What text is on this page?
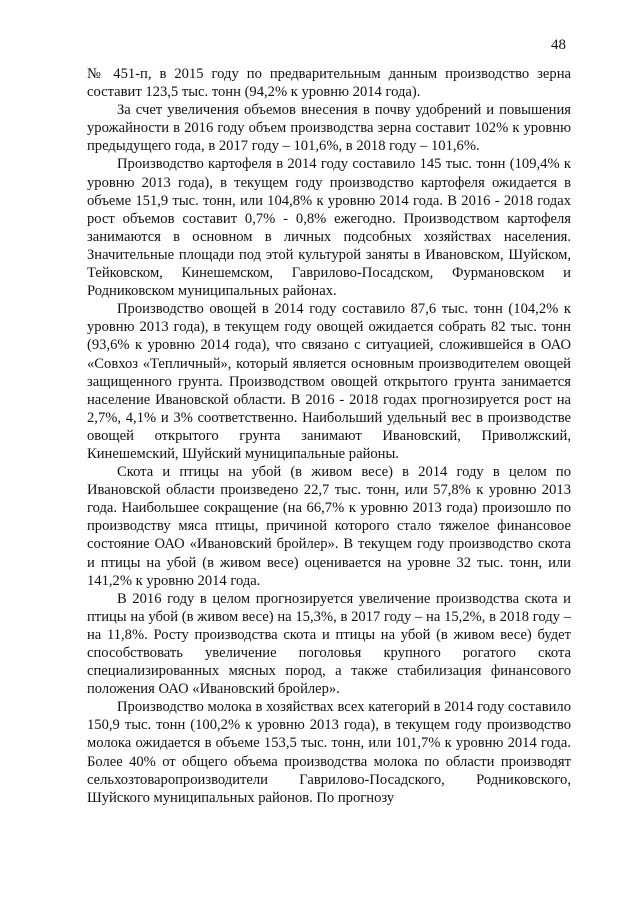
48

№ 451-п, в 2015 году по предварительным данным производство зерна составит 123,5 тыс. тонн (94,2% к уровню 2014 года).

За счет увеличения объемов внесения в почву удобрений и повышения урожайности в 2016 году объем производства зерна составит 102% к уровню предыдущего года, в 2017 году – 101,6%, в 2018 году – 101,6%.

Производство картофеля в 2014 году составило 145 тыс. тонн (109,4% к уровню 2013 года), в текущем году производство картофеля ожидается в объеме 151,9 тыс. тонн, или 104,8% к уровню 2014 года. В 2016 - 2018 годах рост объемов составит 0,7% - 0,8% ежегодно. Производством картофеля занимаются в основном в личных подсобных хозяйствах населения. Значительные площади под этой культурой заняты в Ивановском, Шуйском, Тейковском, Кинешемском, Гаврилово-Посадском, Фурмановском и Родниковском муниципальных районах.

Производство овощей в 2014 году составило 87,6 тыс. тонн (104,2% к уровню 2013 года), в текущем году овощей ожидается собрать 82 тыс. тонн (93,6% к уровню 2014 года), что связано с ситуацией, сложившейся в ОАО «Совхоз «Тепличный», который является основным производителем овощей защищенного грунта. Производством овощей открытого грунта занимается население Ивановской области. В 2016 - 2018 годах прогнозируется рост на 2,7%, 4,1% и 3% соответственно. Наибольший удельный вес в производстве овощей открытого грунта занимают Ивановский, Приволжский, Кинешемский, Шуйский муниципальные районы.

Скота и птицы на убой (в живом весе) в 2014 году в целом по Ивановской области произведено 22,7 тыс. тонн, или 57,8% к уровню 2013 года. Наибольшее сокращение (на 66,7% к уровню 2013 года) произошло по производству мяса птицы, причиной которого стало тяжелое финансовое состояние ОАО «Ивановский бройлер». В текущем году производство скота и птицы на убой (в живом весе) оценивается на уровне 32 тыс. тонн, или 141,2% к уровню 2014 года.

В 2016 году в целом прогнозируется увеличение производства скота и птицы на убой (в живом весе) на 15,3%, в 2017 году – на 15,2%, в 2018 году – на 11,8%. Росту производства скота и птицы на убой (в живом весе) будет способствовать увеличение поголовья крупного рогатого скота специализированных мясных пород, а также стабилизация финансового положения ОАО «Ивановский бройлер».

Производство молока в хозяйствах всех категорий в 2014 году составило 150,9 тыс. тонн (100,2% к уровню 2013 года), в текущем году производство молока ожидается в объеме 153,5 тыс. тонн, или 101,7% к уровню 2014 года. Более 40% от общего объема производства молока по области производят сельхозтоваропроизводители Гаврилово-Посадского, Родниковского, Шуйского муниципальных районов. По прогнозу
